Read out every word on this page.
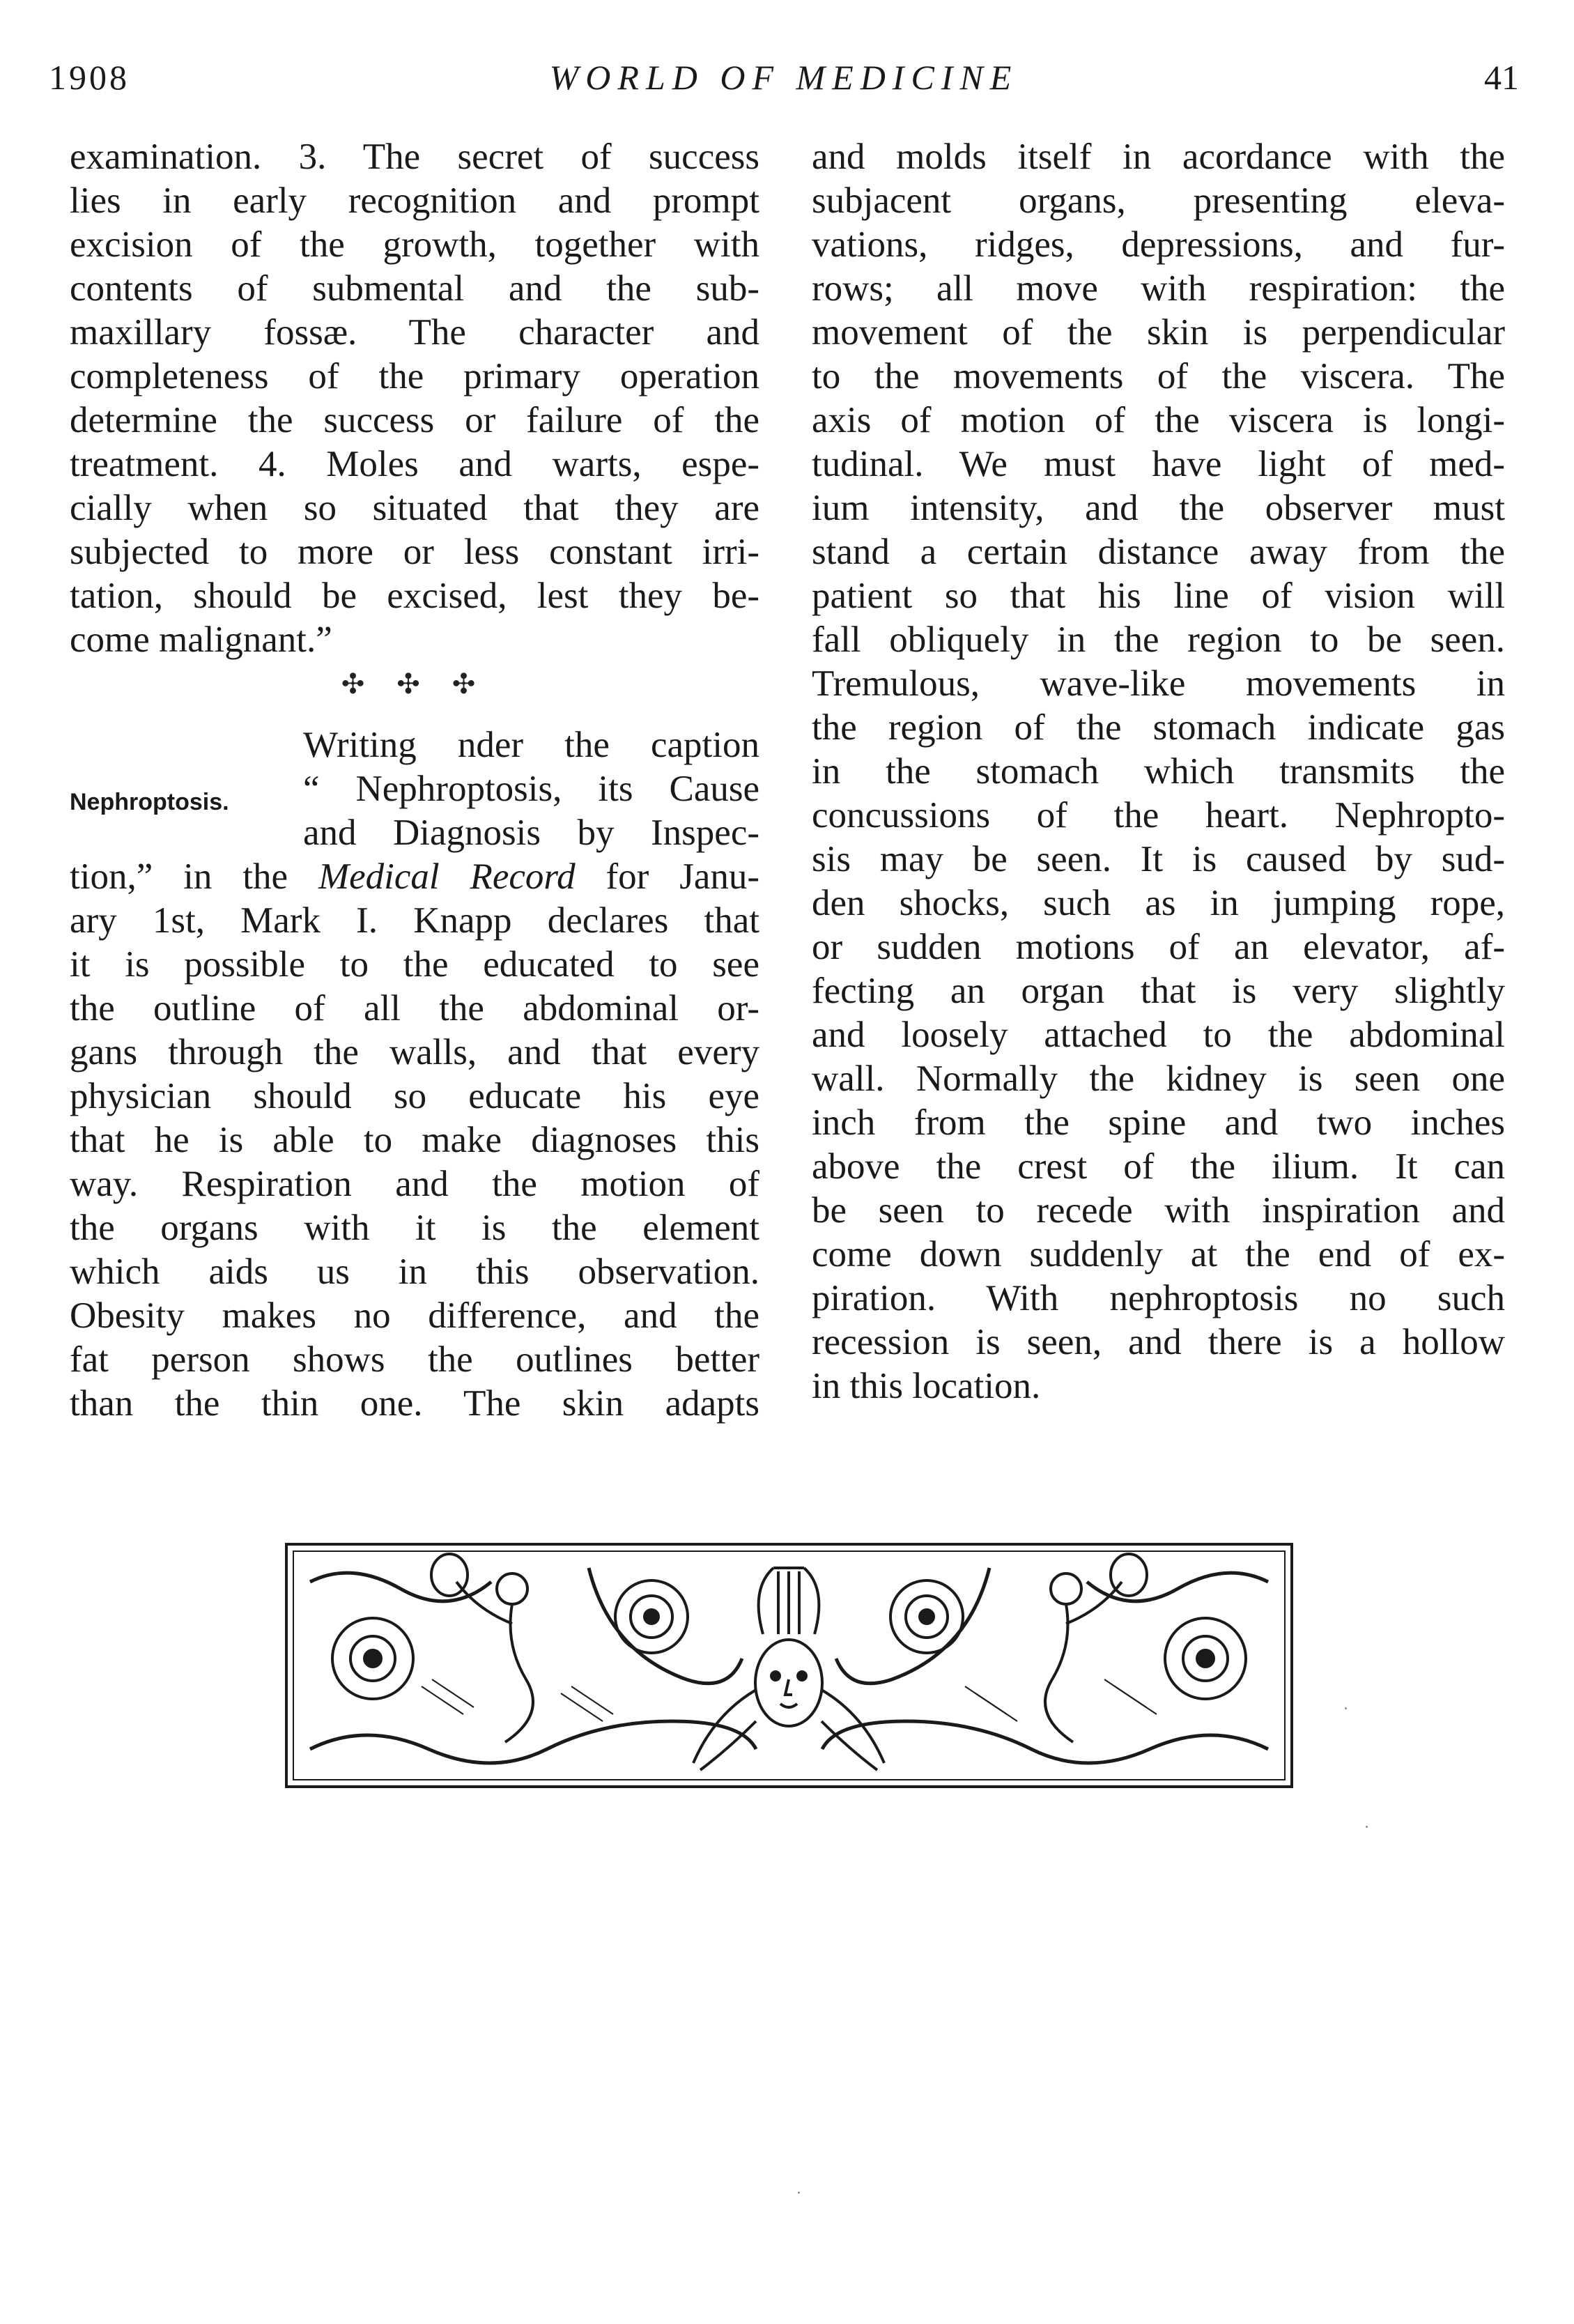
1908	WORLD OF MEDICINE	41
examination. 3. The secret of success
lies in early recognition and prompt
excision of the growth, together with
contents of submental and the sub-
maxillary fossæ. The character and
completeness of the primary operation
determine the success or failure of the
treatment. 4. Moles and warts, espe-
cially when so situated that they are
subjected to more or less constant irri-
tation, should be excised, lest they be-
come malignant.”
✣ ✣ ✣
Writing nder the caption
“ Nephroptosis, its Cause
and Diagnosis by Inspec-
tion,” in the Medical Record for Janu-
ary 1st, Mark I. Knapp declares that
it is possible to the educated to see
the outline of all the abdominal or-
gans through the walls, and that every
physician should so educate his eye
that he is able to make diagnoses this
way. Respiration and the motion of
the organs with it is the element
which aids us in this observation.
Obesity makes no difference, and the
fat person shows the outlines better
than the thin one. The skin adapts
Nephroptosis.
and molds itself in acordance with the
subjacent organs, presenting eleva-
vations, ridges, depressions, and fur-
rows; all move with respiration: the
movement of the skin is perpendicular
to the movements of the viscera. The
axis of motion of the viscera is longi-
tudinal. We must have light of med-
ium intensity, and the observer must
stand a certain distance away from the
patient so that his line of vision will
fall obliquely in the region to be seen.
Tremulous, wave-like movements in
the region of the stomach indicate gas
in the stomach which transmits the
concussions of the heart. Nephropto-
sis may be seen. It is caused by sud-
den shocks, such as in jumping rope,
or sudden motions of an elevator, af-
fecting an organ that is very slightly
and loosely attached to the abdominal
wall. Normally the kidney is seen one
inch from the spine and two inches
above the crest of the ilium. It can
be seen to recede with inspiration and
come down suddenly at the end of ex-
piration. With nephroptosis no such
recession is seen, and there is a hollow
in this location.
